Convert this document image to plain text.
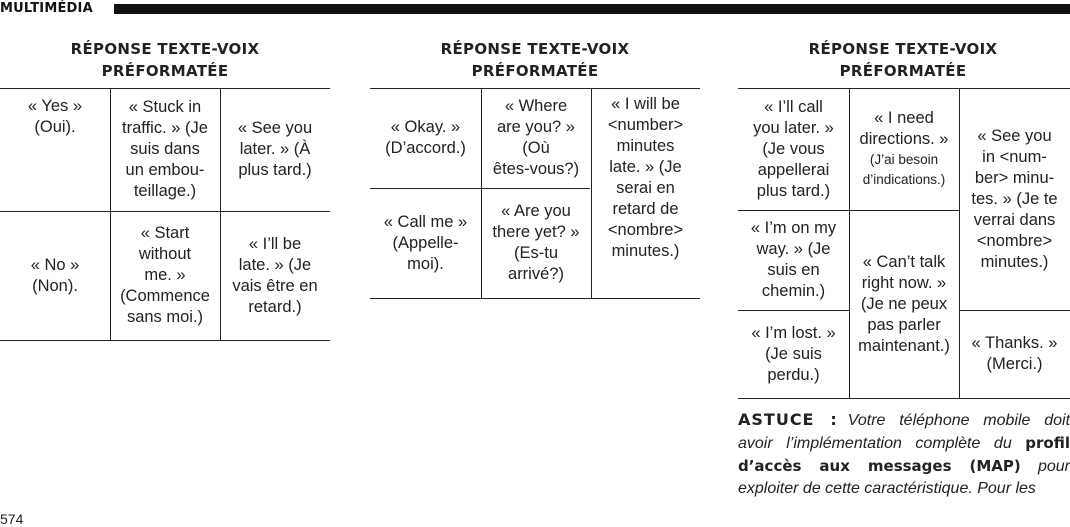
MULTIMÉDIA
RÉPONSE TEXTE-VOIX
PRÉFORMATÉE
« Yes »
(Oui).
« Stuck in
traffic. » (Je
suis dans
un embou-
teillage.)
« See you
later. » (À
plus tard.)
« No »
(Non).
« Start
without
me. »
(Commence
sans moi.)
« I’ll be
late. » (Je
vais être en
retard.)
RÉPONSE TEXTE-VOIX
PRÉFORMATÉE
« Okay. »
(D’accord.)
« Where
are you? »
(Où
êtes-vous?)
« I will be
<number>
minutes
late. » (Je
serai en
retard de
<nombre>
minutes.)
« Call me »
(Appelle-
moi).
« Are you
there yet? »
(Es-tu
arrivé?)
RÉPONSE TEXTE-VOIX
PRÉFORMATÉE
« I’ll call
you later. »
(Je vous
appellerai
plus tard.)
« I need
directions. »
(J’ai besoin
d’indications.)
« See you
in <num-
ber> minu-
tes. » (Je te
verrai dans
<nombre>
minutes.)
« I’m on my
way. » (Je
suis en
chemin.)
« Can’t talk
right now. »
(Je ne peux
pas parler
maintenant.)
« I’m lost. »
(Je suis
perdu.)
« Thanks. »
(Merci.)
ASTUCE : Votre téléphone mobile doit avoir l’implémentation complète du profil d’accès aux messages (MAP) pour exploiter de cette caractéristique. Pour les
574
